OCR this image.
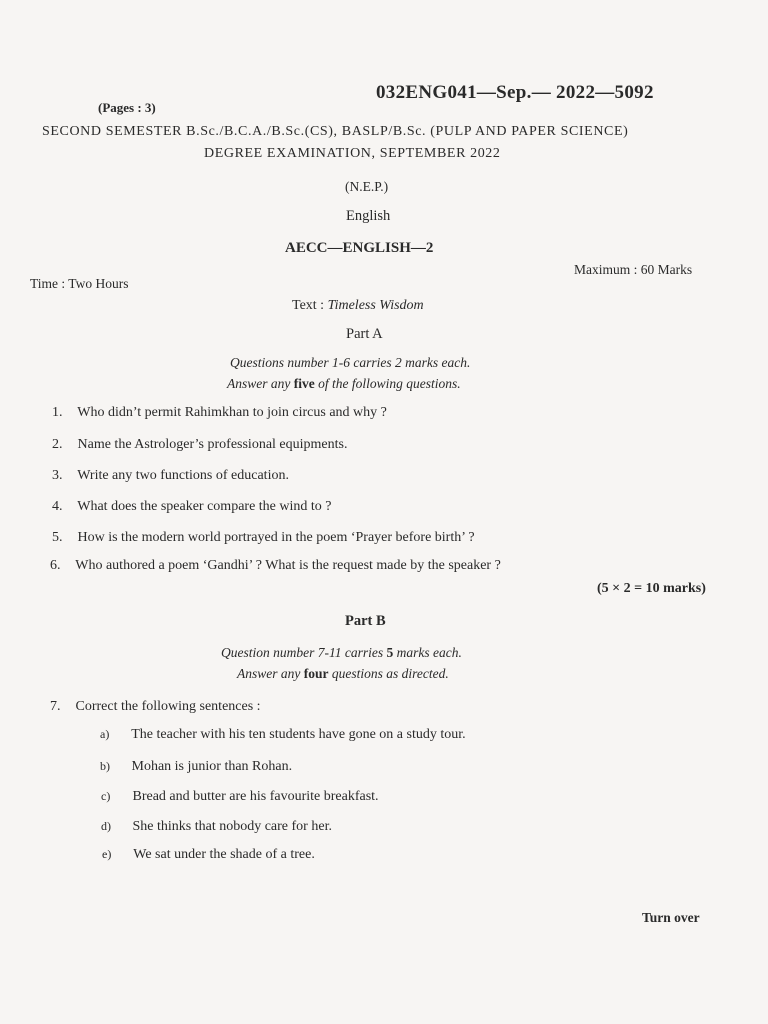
(Pages : 3)
032ENG041—Sep.— 2022—5092
SECOND SEMESTER B.Sc./B.C.A./B.Sc.(CS), BASLP/B.Sc. (PULP AND PAPER SCIENCE)
DEGREE EXAMINATION, SEPTEMBER 2022
(N.E.P.)
English
AECC—ENGLISH—2
Maximum : 60 Marks
Time : Two Hours
Text : Timeless Wisdom
Part A
Questions number 1-6 carries 2 marks each.
Answer any five of the following questions.
1. Who didn’t permit Rahimkhan to join circus and why ?
2. Name the Astrologer’s professional equipments.
3. Write any two functions of education.
4. What does the speaker compare the wind to ?
5. How is the modern world portrayed in the poem ‘Prayer before birth’ ?
6. Who authored a poem ‘Gandhi’ ? What is the request made by the speaker ?
(5 × 2 = 10 marks)
Part B
Question number 7-11 carries 5 marks each.
Answer any four questions as directed.
7. Correct the following sentences :
a) The teacher with his ten students have gone on a study tour.
b) Mohan is junior than Rohan.
c) Bread and butter are his favourite breakfast.
d) She thinks that nobody care for her.
e) We sat under the shade of a tree.
Turn over
